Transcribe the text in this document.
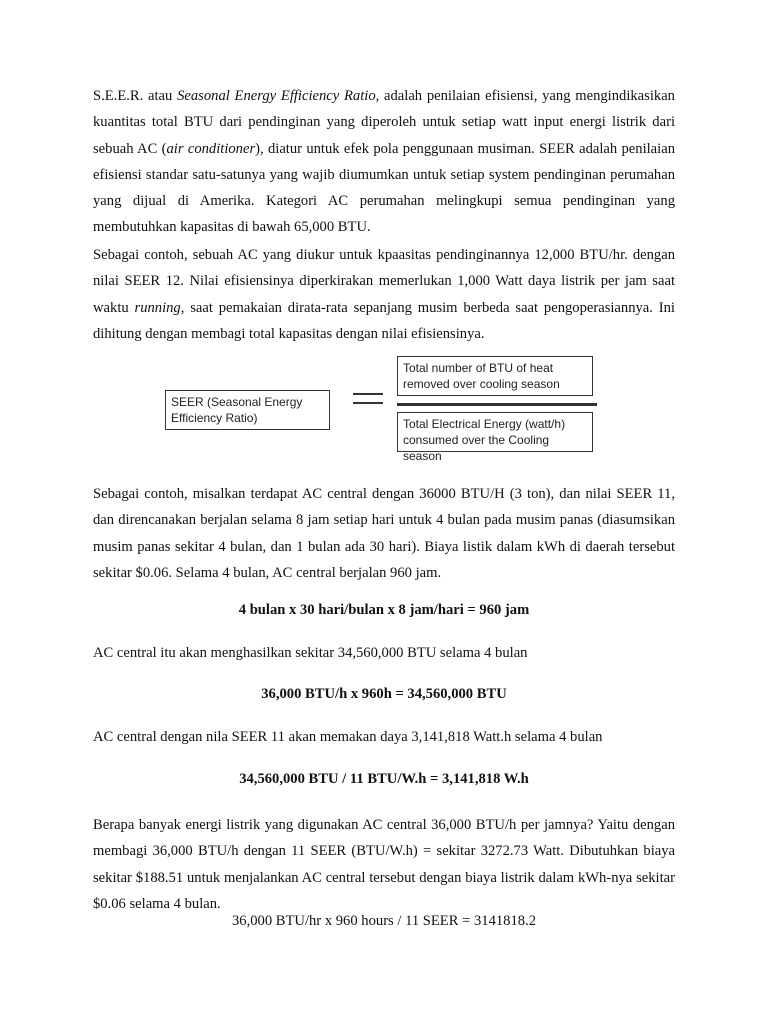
S.E.E.R. atau Seasonal Energy Efficiency Ratio, adalah penilaian efisiensi, yang mengindikasikan kuantitas total BTU dari pendinginan yang diperoleh untuk setiap watt input energi listrik dari sebuah AC (air conditioner), diatur untuk efek pola penggunaan musiman. SEER adalah penilaian efisiensi standar satu-satunya yang wajib diumumkan untuk setiap system pendinginan perumahan yang dijual di Amerika. Kategori AC perumahan melingkupi semua pendinginan yang membutuhkan kapasitas di bawah 65,000 BTU.

Sebagai contoh, sebuah AC yang diukur untuk kpaasitas pendinginannya 12,000 BTU/hr. dengan nilai SEER 12. Nilai efisiensinya diperkirakan memerlukan 1,000 Watt daya listrik per jam saat waktu running, saat pemakaian dirata-rata sepanjang musim berbeda saat pengoperasiannya. Ini dihitung dengan membagi total kapasitas dengan nilai efisiensinya.

SEER (Seasonal Energy Efficiency Ratio)
Total number of BTU of heat removed over cooling season
Total Electrical Energy (watt/h) consumed over the Cooling season

Sebagai contoh, misalkan terdapat AC central dengan 36000 BTU/H (3 ton), dan nilai SEER 11, dan direncanakan berjalan selama 8 jam setiap hari untuk 4 bulan pada musim panas (diasumsikan musim panas sekitar 4 bulan, dan 1 bulan ada 30 hari). Biaya listik dalam kWh di daerah tersebut sekitar $0.06. Selama 4 bulan, AC central berjalan 960 jam.

4 bulan x 30 hari/bulan x 8 jam/hari = 960 jam

AC central itu akan menghasilkan sekitar 34,560,000 BTU selama 4 bulan

36,000 BTU/h x 960h = 34,560,000 BTU

AC central dengan nila SEER 11 akan memakan daya 3,141,818 Watt.h selama 4 bulan

34,560,000 BTU / 11 BTU/W.h = 3,141,818 W.h

Berapa banyak energi listrik yang digunakan AC central 36,000 BTU/h per jamnya? Yaitu dengan membagi 36,000 BTU/h dengan 11 SEER (BTU/W.h) = sekitar 3272.73 Watt. Dibutuhkan biaya sekitar $188.51 untuk menjalankan AC central tersebut dengan biaya listrik dalam kWh-nya sekitar $0.06 selama 4 bulan.

36,000 BTU/hr x 960 hours / 11 SEER = 3141818.2
